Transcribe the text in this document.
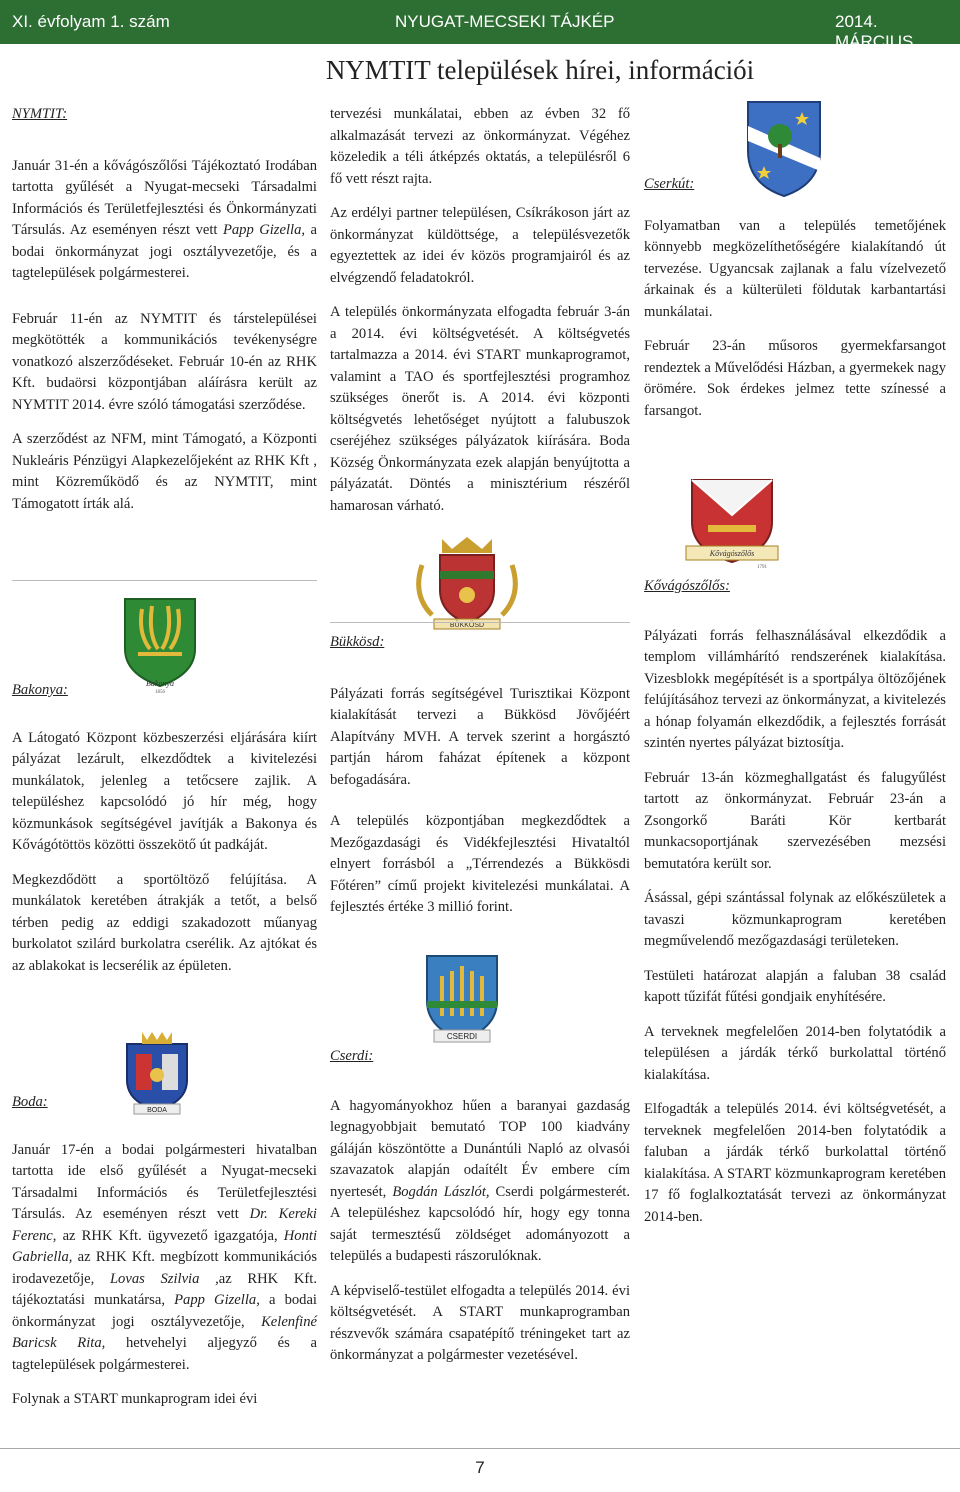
XI. évfolyam 1. szám	NYUGAT-MECSEKI TÁJKÉP	2014. MÁRCIUS
NYMTIT települések hírei, információi
NYMTIT:

Január 31-én a kővágószőlősi Tájékoztató Irodában tartotta gyűlését a Nyugat-mecseki Társadalmi Információs és Területfejlesztési és Önkormányzati Társulás. Az eseményen részt vett Papp Gizella, a bodai önkormányzat jogi osztályvezetője, és a tagtelepülések polgármesterei.

Február 11-én az NYMTIT és társtelepülései megkötötték a kommunikációs tevékenységre vonatkozó alszerződéseket. Február 10-én az RHK Kft. budaörsi központjában aláírásra került az NYMTIT 2014. évre szóló támogatási szerződése.

A szerződést az NFM, mint Támogató, a Központi Nukleáris Pénzügyi Alapkezelőjeként az RHK Kft , mint Közreműködő és az NYMTIT, mint Támogatott írták alá.

Bakonya
1856
Bakonya:

A Látogató Központ közbeszerzési eljárására kiírt pályázat lezárult, elkezdődtek a kivitelezési munkálatok, jelenleg a tetőcsere zajlik. A településhez kapcsolódó jó hír még, hogy közmunkások segítségével javítják a Bakonya és Kővágótöttös közötti összekötő út padkáját.

Megkezdődött a sportöltöző felújítása. A munkálatok keretében átrakják a tetőt, a belső térben pedig az eddigi szakadozott műanyag burkolatot szilárd burkolatra cserélik. Az ajtókat és az ablakokat is lecserélik az épületen.

BODA
Boda:

Január 17-én a bodai polgármesteri hivatalban tartotta ide első gyűlését a Nyugat-mecseki Társadalmi Információs és Területfejlesztési Társulás. Az eseményen részt vett Dr. Kereki Ferenc, az RHK Kft. ügyvezető igazgatója, Honti Gabriella, az RHK Kft. megbízott kommunikációs irodavezetője, Lovas Szilvia ,az RHK Kft. tájékoztatási munkatársa, Papp Gizella, a bodai önkormányzat jogi osztályvezetője, Kelenfiné Baricsk Rita, hetvehelyi aljegyző és a tagtelepülések polgármesterei.

Folynak a START munkaprogram idei évi

tervezési munkálatai, ebben az évben 32 fő alkalmazását tervezi az önkormányzat. Végéhez közeledik a téli átképzés oktatás, a településről 6 fő vett részt rajta.

Az erdélyi partner településen, Csíkrákoson járt az önkormányzat küldöttsége, a településvezetők egyeztettek az idei év közös programjairól és az elvégzendő feladatokról.

A település önkormányzata elfogadta február 3-án a 2014. évi költségvetését. A költségvetés tartalmazza a 2014. évi START munkaprogramot, valamint a TAO és sportfejlesztési programhoz szükséges önerőt is. A 2014. évi központi költségvetés lehetőséget nyújtott a falubuszok cseréjéhez szükséges pályázatok kiírására. Boda Község Önkormányzata ezek alapján benyújtotta a pályázatát. Döntés a minisztérium részéről hamarosan várható.

BÜKKÖSD
Bükkösd:

Pályázati forrás segítségével Turisztikai Központ kialakítását tervezi a Bükkösd Jövőjéért Alapítvány MVH. A tervek szerint a horgásztó partján három faházat építenek a központ befogadására.

A település központjában megkezdődtek a Mezőgazdasági és Vidékfejlesztési Hivataltól elnyert forrásból a „Térrendezés a Bükkösdi Főtéren” című projekt kivitelezési munkálatai. A fejlesztés értéke 3 millió forint.

CSERDI
Cserdi:

A hagyományokhoz hűen a baranyai gazdaság legnagyobbjait bemutató TOP 100 kiadvány gáláján köszöntötte a Dunántúli Napló az olvasói szavazatok alapján odaítélt Év embere cím nyertesét, Bogdán Lászlót, Cserdi polgármesterét. A településhez kapcsolódó hír, hogy egy tonna saját termesztésű zöldséget adományozott a település a budapesti rászorulóknak.

A képviselő-testület elfogadta a település 2014. évi költségvetését. A START munkaprogramban részvevők számára csapatépítő tréningeket tart az önkormányzat a polgármester vezetésével.

Cserkút:

Folyamatban van a település temetőjének könnyebb megközelíthetőségére kialakítandó út tervezése. Ugyancsak zajlanak a falu vízelvezető árkainak és a külterületi földutak karbantartási munkálatai.

Február 23-án műsoros gyermekfarsangot rendeztek a Művelődési Házban, a gyermekek nagy örömére. Sok érdekes jelmez tette színessé a farsangot.

Kővágószőlős
1791
Kővágószőlős:

Pályázati forrás felhasználásával elkezdődik a templom villámhárító rendszerének kialakítása. Vizesblokk megépítését is a sportpálya öltözőjének felújításához tervezi az önkormányzat, a kivitelezés a hónap folyamán elkezdődik, a fejlesztés forrását szintén nyertes pályázat biztosítja.

Február 13-án közmeghallgatást és falugyűlést tartott az önkormányzat. Február 23-án a Zsongorkő Baráti Kör kertbarát munkacsoportjának szervezésében mezsési bemutatóra került sor.

Ásással, gépi szántással folynak az előkészületek a tavaszi közmunkaprogram keretében megművelendő mezőgazdasági területeken.

Testületi határozat alapján a faluban 38 család kapott tűzifát fűtési gondjaik enyhítésére.

A terveknek megfelelően 2014-ben folytatódik a településen a járdák térkő burkolattal történő kialakítása.

Elfogadták a település 2014. évi költségvetését, a terveknek megfelelően 2014-ben folytatódik a faluban a járdák térkő burkolattal történő kialakítása. A START közmunkaprogram keretében 17 fő foglalkoztatását tervezi az önkormányzat 2014-ben.

7
